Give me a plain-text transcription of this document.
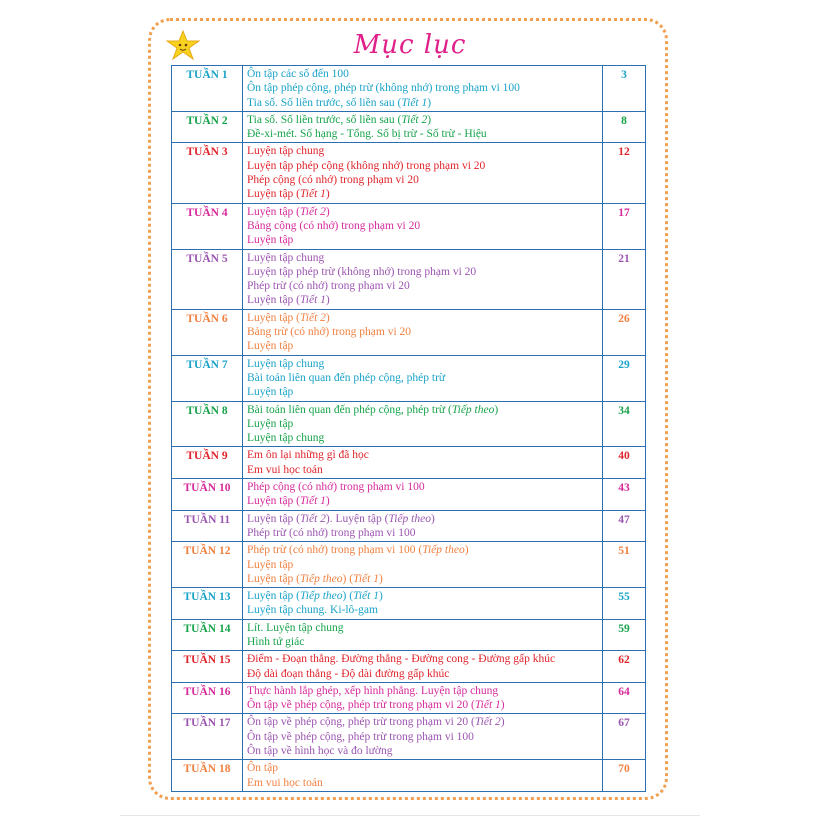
Mục lục
TUẦN 1	Ôn tập các số đến 100
Ôn tập phép cộng, phép trừ (không nhớ) trong phạm vi 100
Tia số. Số liền trước, số liền sau (Tiết 1)	3
TUẦN 2	Tia số. Số liền trước, số liền sau (Tiết 2)
Đề-xi-mét. Số hạng - Tổng. Số bị trừ - Số trừ - Hiệu	8
TUẦN 3	Luyện tập chung
Luyện tập phép cộng (không nhớ) trong phạm vi 20
Phép cộng (có nhớ) trong phạm vi 20
Luyện tập (Tiết 1)	12
TUẦN 4	Luyện tập (Tiết 2)
Bảng cộng (có nhớ) trong phạm vi 20
Luyện tập	17
TUẦN 5	Luyện tập chung
Luyện tập phép trừ (không nhớ) trong phạm vi 20
Phép trừ (có nhớ) trong phạm vi 20
Luyện tập (Tiết 1)	21
TUẦN 6	Luyện tập (Tiết 2)
Bảng trừ (có nhớ) trong phạm vi 20
Luyện tập	26
TUẦN 7	Luyện tập chung
Bài toán liên quan đến phép cộng, phép trừ
Luyện tập	29
TUẦN 8	Bài toán liên quan đến phép cộng, phép trừ (Tiếp theo)
Luyện tập
Luyện tập chung	34
TUẦN 9	Em ôn lại những gì đã học
Em vui học toán	40
TUẦN 10	Phép cộng (có nhớ) trong phạm vi 100
Luyện tập (Tiết 1)	43
TUẦN 11	Luyện tập (Tiết 2). Luyện tập (Tiếp theo)
Phép trừ (có nhớ) trong phạm vi 100	47
TUẦN 12	Phép trừ (có nhớ) trong phạm vi 100 (Tiếp theo)
Luyện tập
Luyện tập (Tiếp theo) (Tiết 1)	51
TUẦN 13	Luyện tập (Tiếp theo) (Tiết 1)
Luyện tập chung. Ki-lô-gam	55
TUẦN 14	Lít. Luyện tập chung
Hình tứ giác	59
TUẦN 15	Điểm - Đoạn thẳng. Đường thẳng - Đường cong - Đường gấp khúc
Độ dài đoạn thẳng - Độ dài đường gấp khúc	62
TUẦN 16	Thực hành lắp ghép, xếp hình phẳng. Luyện tập chung
Ôn tập về phép cộng, phép trừ trong phạm vi 20 (Tiết 1)	64
TUẦN 17	Ôn tập về phép cộng, phép trừ trong phạm vi 20 (Tiết 2)
Ôn tập về phép cộng, phép trừ trong phạm vi 100
Ôn tập về hình học và đo lường	67
TUẦN 18	Ôn tập
Em vui học toán	70
